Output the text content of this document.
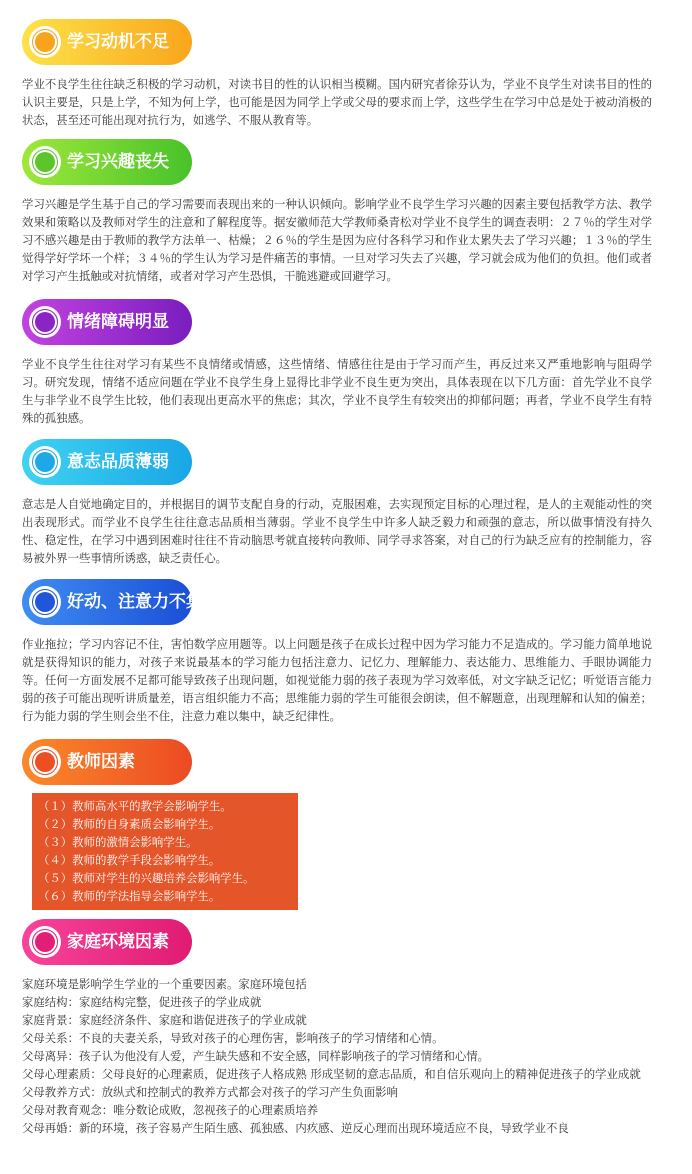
学习动机不足
学业不良学生往往缺乏积极的学习动机，对读书目的性的认识相当模糊。国内研究者徐芬认为，学业不良学生对读书目的性的认识主要是，只是上学，不知为何上学，也可能是因为同学上学或父母的要求而上学，这些学生在学习中总是处于被动消极的状态，甚至还可能出现对抗行为，如逃学、不服从教育等。
学习兴趣丧失
学习兴趣是学生基于自己的学习需要而表现出来的一种认识倾向。影响学业不良学生学习兴趣的因素主要包括教学方法、教学效果和策略以及教师对学生的注意和了解程度等。据安徽师范大学教师桑青松对学业不良学生的调查表明：２７％的学生对学习不感兴趣是由于教师的教学方法单一、枯燥；２６％的学生是因为应付各科学习和作业太累失去了学习兴趣；１３％的学生觉得学好学坏一个样；３４％的学生认为学习是件痛苦的事情。一旦对学习失去了兴趣，学习就会成为他们的负担。他们或者对学习产生抵触或对抗情绪，或者对学习产生恐惧，干脆逃避或回避学习。
情绪障碍明显
学业不良学生往往对学习有某些不良情绪或情感，这些情绪、情感往往是由于学习而产生，再反过来又严重地影响与阻碍学习。研究发现，情绪不适应问题在学业不良学生身上显得比非学业不良生更为突出，具体表现在以下几方面：首先学业不良学生与非学业不良学生比较，他们表现出更高水平的焦虑；其次，学业不良学生有较突出的抑郁问题；再者，学业不良学生有特殊的孤独感。
意志品质薄弱
意志是人自觉地确定目的，并根据目的调节支配自身的行动，克服困难，去实现预定目标的心理过程，是人的主观能动性的突出表现形式。而学业不良学生往往意志品质相当薄弱。学业不良学生中许多人缺乏毅力和顽强的意志，所以做事情没有持久性、稳定性，在学习中遇到困难时往往不肯动脑思考就直接转向教师、同学寻求答案，对自己的行为缺乏应有的控制能力，容易被外界一些事情所诱惑，缺乏责任心。
好动、注意力不集中
作业拖拉；学习内容记不住，害怕数学应用题等。以上问题是孩子在成长过程中因为学习能力不足造成的。学习能力简单地说就是获得知识的能力，对孩子来说最基本的学习能力包括注意力、记忆力、理解能力、表达能力、思维能力、手眼协调能力等。任何一方面发展不足都可能导致孩子出现问题，如视觉能力弱的孩子表现为学习效率低，对文字缺乏记忆；听觉语言能力弱的孩子可能出现听讲质量差，语言组织能力不高；思维能力弱的学生可能很会朗读，但不解题意，出现理解和认知的偏差；行为能力弱的学生则会坐不住，注意力难以集中，缺乏纪律性。
教师因素
（１）教师高水平的教学会影响学生。
（２）教师的自身素质会影响学生。
（３）教师的激情会影响学生。
（４）教师的教学手段会影响学生。
（５）教师对学生的兴趣培养会影响学生。
（６）教师的学法指导会影响学生。
家庭环境因素
家庭环境是影响学生学业的一个重要因素。家庭环境包括
家庭结构：家庭结构完整，促进孩子的学业成就
家庭背景：家庭经济条件、家庭和谐促进孩子的学业成就
父母关系：不良的夫妻关系，导致对孩子的心理伤害，影响孩子的学习情绪和心情。
父母离异：孩子认为他没有人爱，产生缺失感和不安全感，同样影响孩子的学习情绪和心情。
父母心理素质：父母良好的心理素质，促进孩子人格成熟 形成坚韧的意志品质，和自信乐观向上的精神促进孩子的学业成就
父母教养方式：放纵式和控制式的教养方式都会对孩子的学习产生负面影响
父母对教育观念：唯分数论成败，忽视孩子的心理素质培养
父母再婚：新的环境，孩子容易产生陌生感、孤独感、内疚感、逆反心理而出现环境适应不良，导致学业不良
